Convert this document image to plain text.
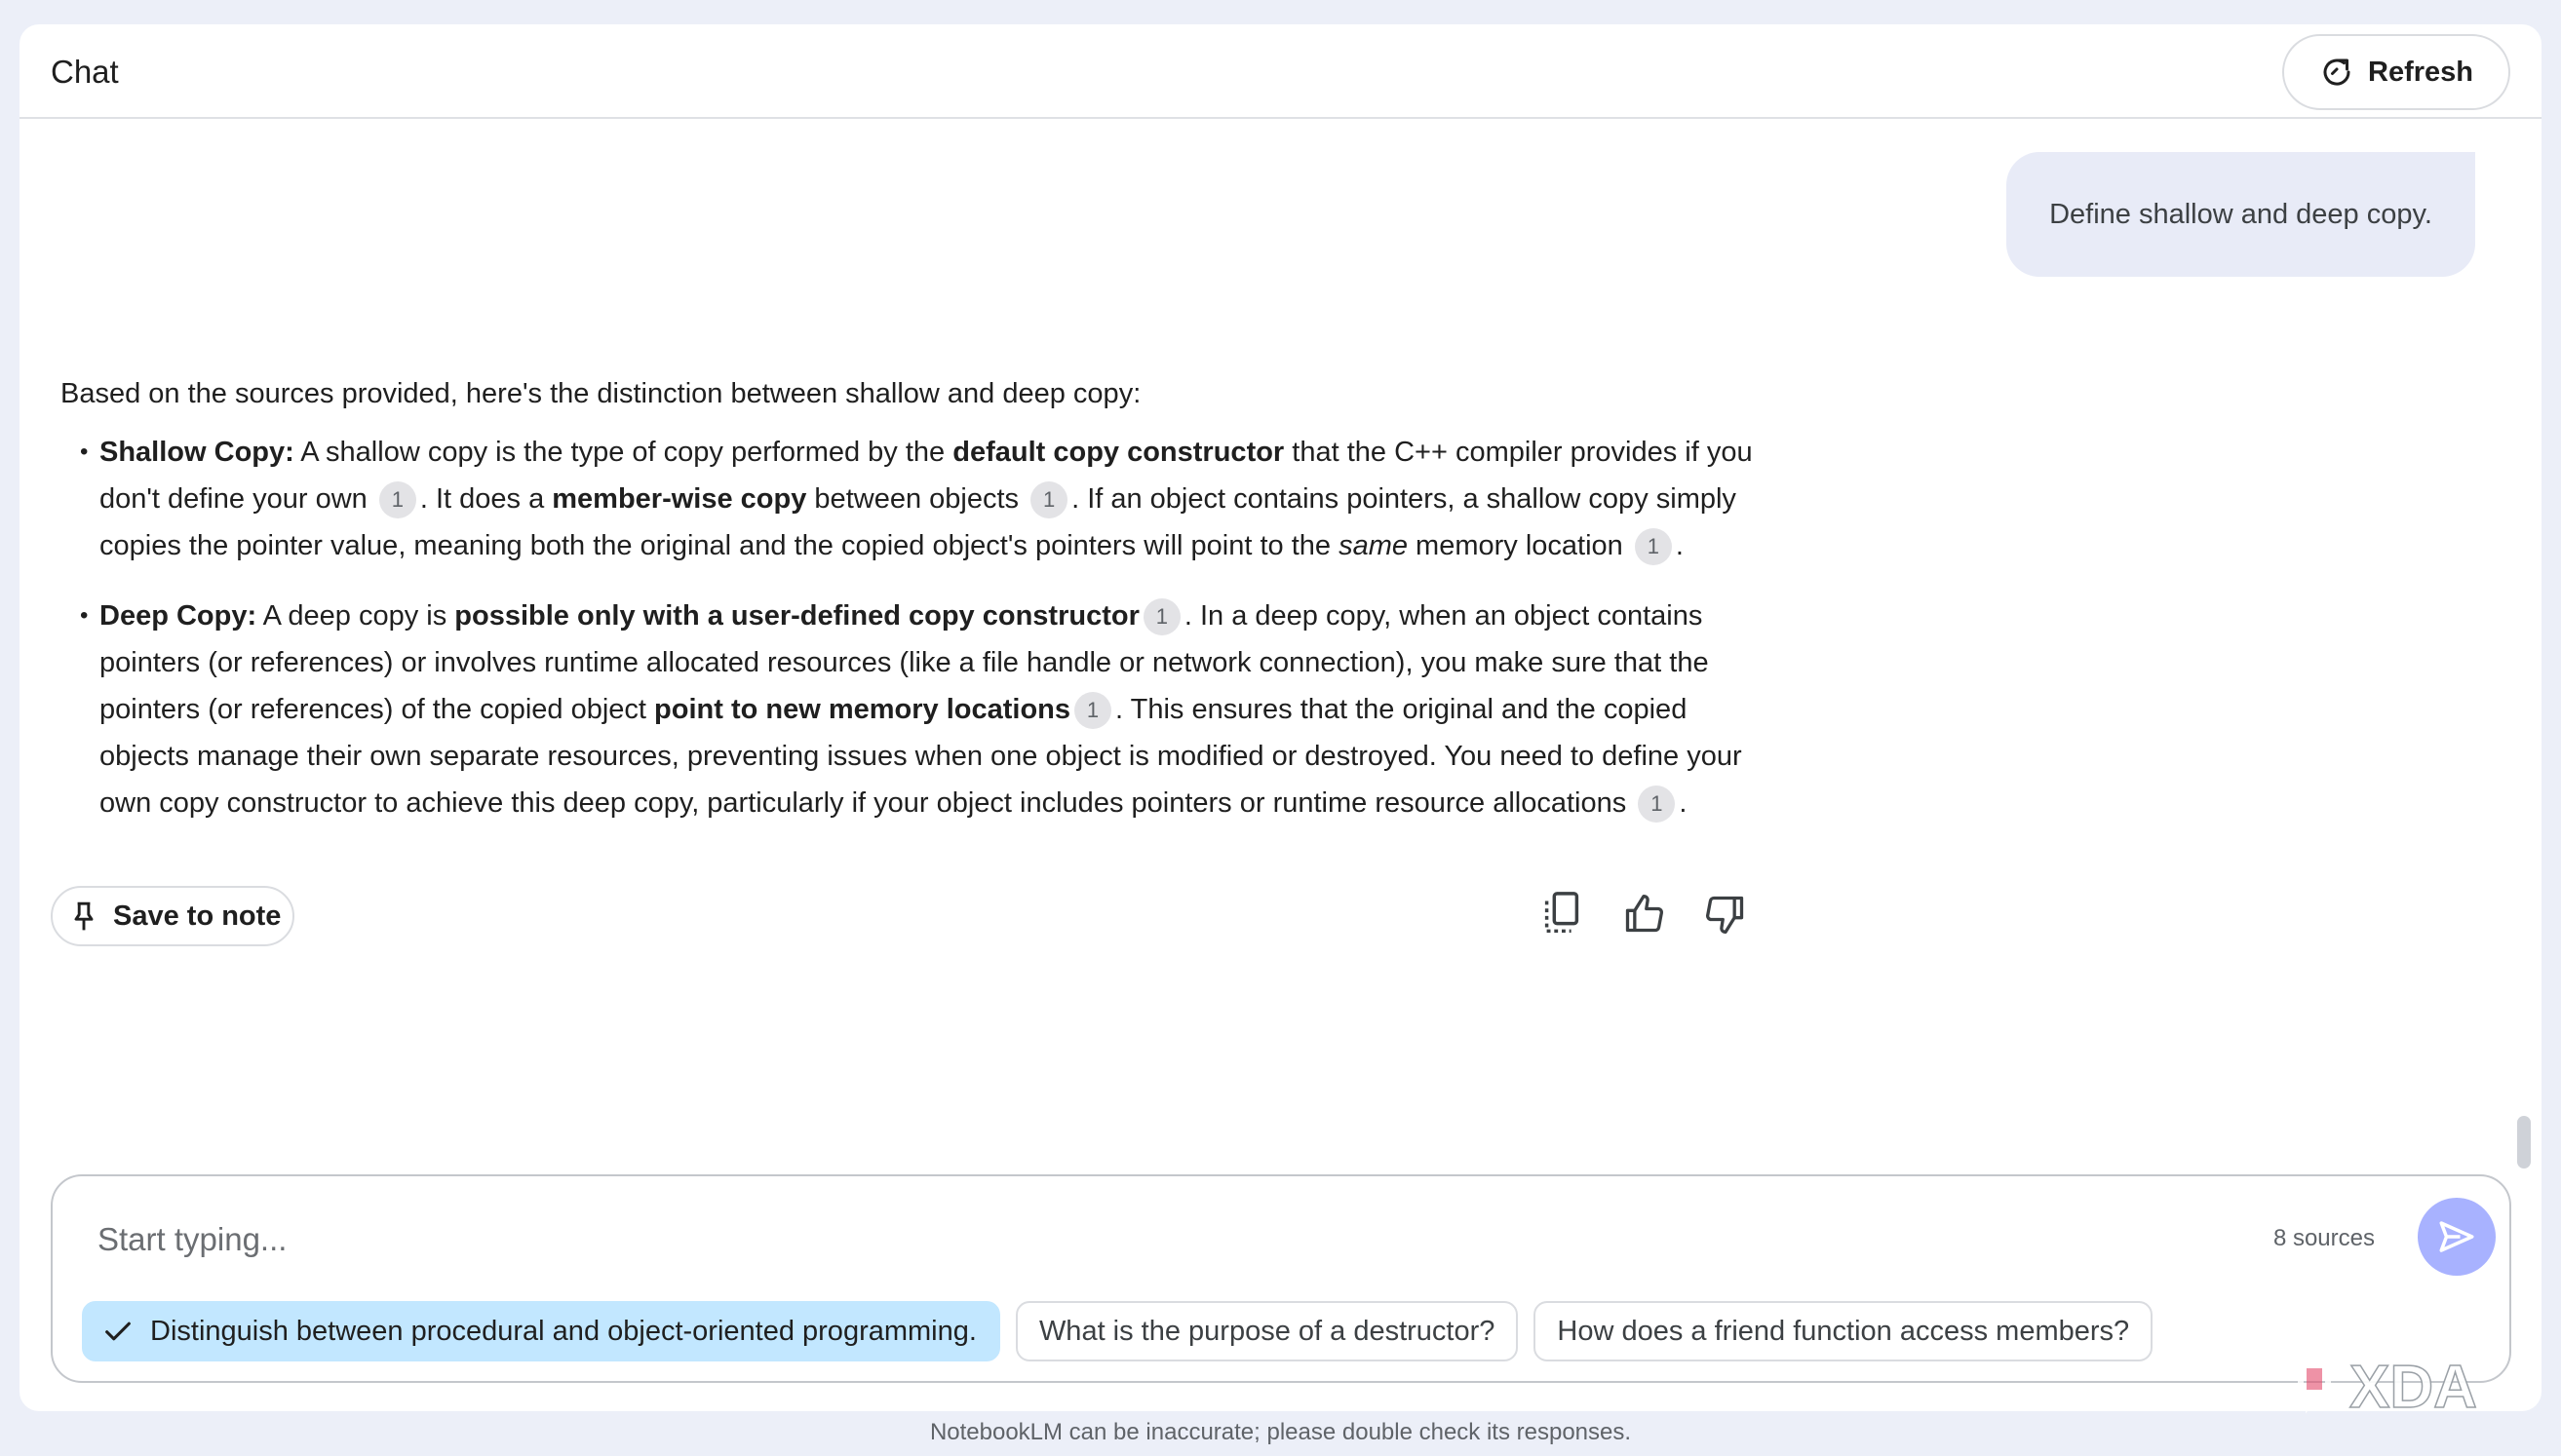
Chat	Refresh
Define shallow and deep copy.

Based on the sources provided, here's the distinction between shallow and deep copy:

• Shallow Copy: A shallow copy is the type of copy performed by the default copy constructor that the C++ compiler provides if you don't define your own 1 . It does a member-wise copy between objects 1 . If an object contains pointers, a shallow copy simply copies the pointer value, meaning both the original and the copied object's pointers will point to the same memory location 1 .
• Deep Copy: A deep copy is possible only with a user-defined copy constructor 1 . In a deep copy, when an object contains pointers (or references) or involves runtime allocated resources (like a file handle or network connection), you make sure that the pointers (or references) of the copied object point to new memory locations 1 . This ensures that the original and the copied objects manage their own separate resources, preventing issues when one object is modified or destroyed. You need to define your own copy constructor to achieve this deep copy, particularly if your object includes pointers or runtime resource allocations 1 .
Save to note
Start typing...
8 sources
Distinguish between procedural and object-oriented programming. What is the purpose of a destructor? How does a friend function access members?
NotebookLM can be inaccurate; please double check its responses.
XDA
